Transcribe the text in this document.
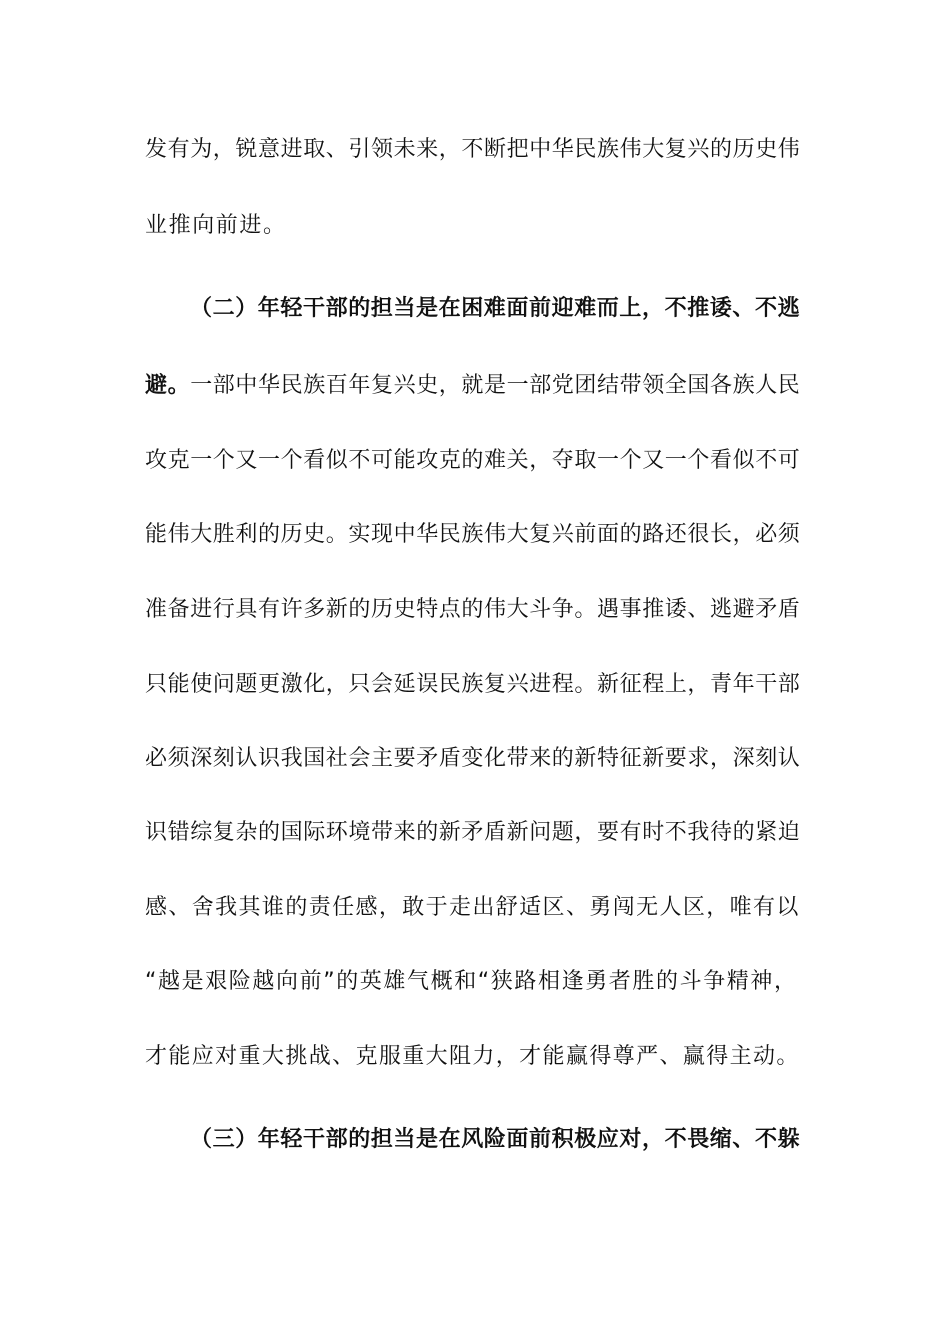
发有为，锐意进取、引领未来，不断把中华民族伟大复兴的历史伟
业推向前进。
（二）年轻干部的担当是在困难面前迎难而上，不推诿、不逃
避。一部中华民族百年复兴史，就是一部党团结带领全国各族人民
攻克一个又一个看似不可能攻克的难关，夺取一个又一个看似不可
能伟大胜利的历史。实现中华民族伟大复兴前面的路还很长，必须
准备进行具有许多新的历史特点的伟大斗争。遇事推诿、逃避矛盾
只能使问题更激化，只会延误民族复兴进程。新征程上，青年干部
必须深刻认识我国社会主要矛盾变化带来的新特征新要求，深刻认
识错综复杂的国际环境带来的新矛盾新问题，要有时不我待的紧迫
感、舍我其谁的责任感，敢于走出舒适区、勇闯无人区，唯有以
“越是艰险越向前”的英雄气概和“狭路相逢勇者胜的斗争精神，
才能应对重大挑战、克服重大阻力，才能赢得尊严、赢得主动。
（三）年轻干部的担当是在风险面前积极应对，不畏缩、不躲
